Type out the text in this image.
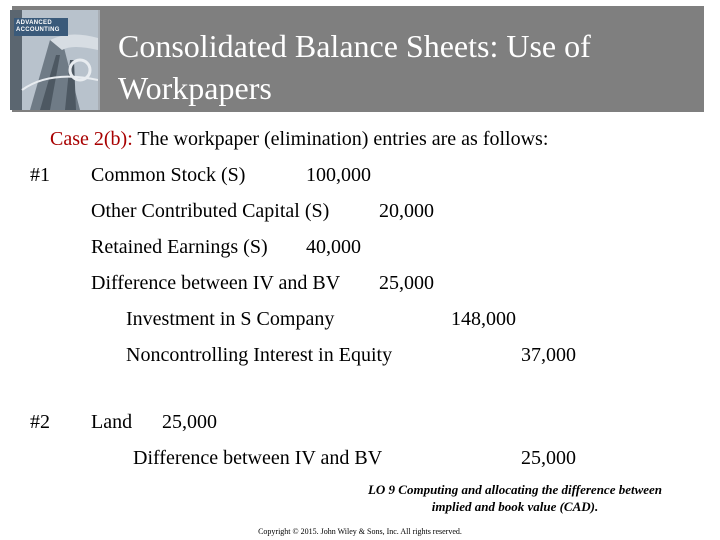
ADVANCED ACCOUNTING Consolidated Balance Sheets: Use of
Workpapers
Case 2(b): The workpaper (elimination) entries are as follows:
#1 Common Stock (S)	100,000
Other Contributed Capital (S) 20,000
Retained Earnings (S) 40,000
Difference between IV and BV 25,000
Investment in S Company	148,000
Noncontrolling Interest in Equity	37,000
#2 Land 25,000
Difference between IV and BV	25,000
LO 9 Computing and allocating the difference between
implied and book value (CAD).
Copyright © 2015. John Wiley & Sons, Inc. All rights reserved.
